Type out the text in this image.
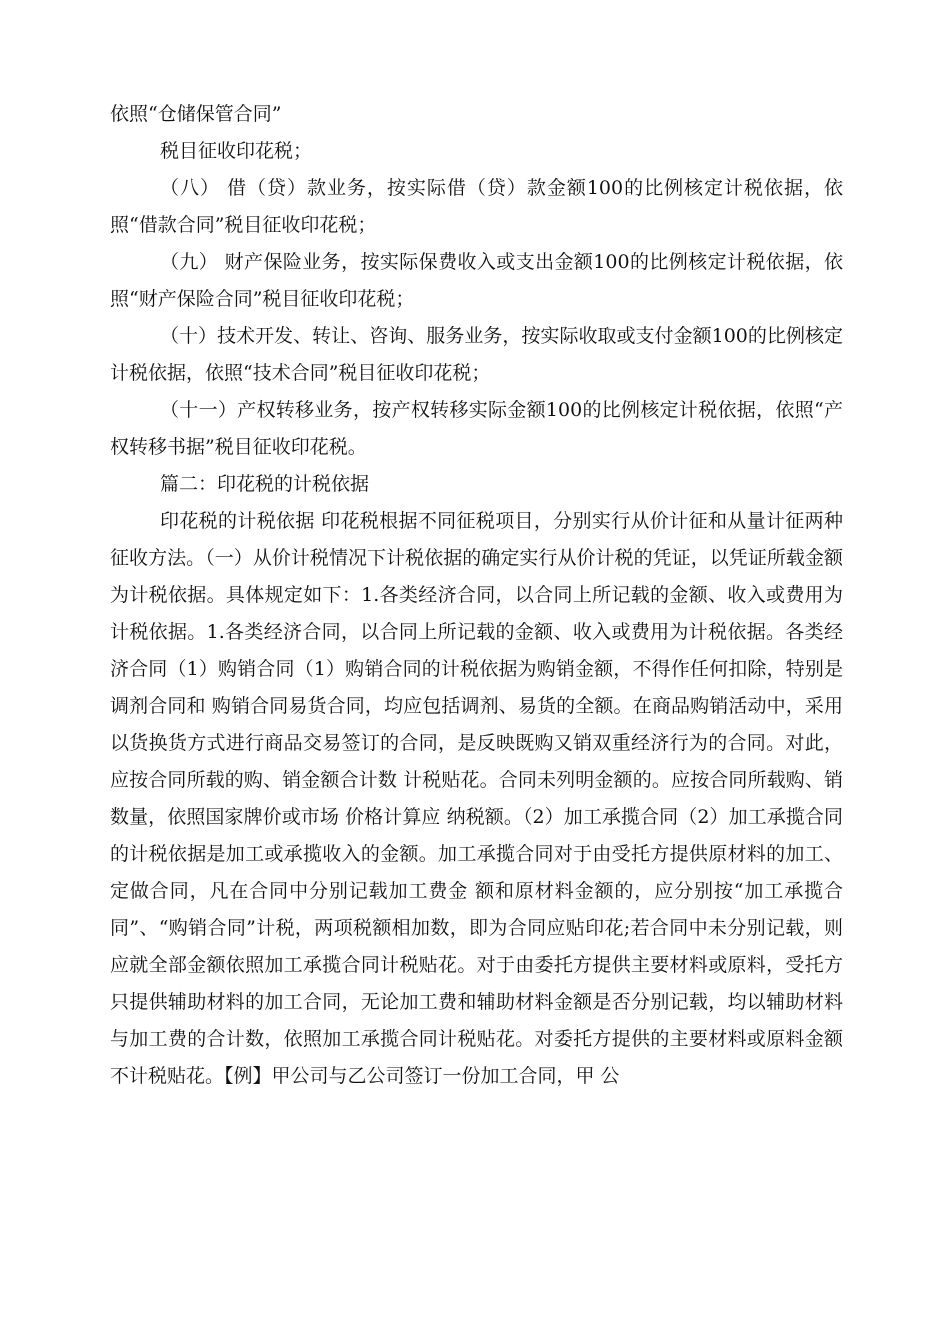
依照“仓储保管合同”

税目征收印花税；

（八） 借（贷）款业务，按实际借（贷）款金额100的比例核定计税依据，依照“借款合同”税目征收印花税；

（九） 财产保险业务，按实际保费收入或支出金额100的比例核定计税依据，依照“财产保险合同”税目征收印花税；

（十）技术开发、转让、咨询、服务业务，按实际收取或支付金额100的比例核定计税依据，依照“技术合同”税目征收印花税；

（十一）产权转移业务，按产权转移实际金额100的比例核定计税依据，依照“产权转移书据”税目征收印花税。

篇二：印花税的计税依据

印花税的计税依据 印花税根据不同征税项目，分别实行从价计征和从量计征两种征收方法。（一）从价计税情况下计税依据的确定实行从价计税的凭证，以凭证所载金额为计税依据。具体规定如下：1.各类经济合同，以合同上所记载的金额、收入或费用为计税依据。1.各类经济合同，以合同上所记载的金额、收入或费用为计税依据。各类经济合同（1）购销合同（1）购销合同的计税依据为购销金额，不得作任何扣除，特别是调剂合同和 购销合同易货合同，均应包括调剂、易货的全额。在商品购销活动中，采用以货换货方式进行商品交易签订的合同，是反映既购又销双重经济行为的合同。对此，应按合同所载的购、销金额合计数 计税贴花。合同未列明金额的。应按合同所载购、销数量，依照国家牌价或市场 价格计算应 纳税额。（2）加工承揽合同（2）加工承揽合同的计税依据是加工或承揽收入的金额。加工承揽合同对于由受托方提供原材料的加工、定做合同，凡在合同中分别记载加工费金 额和原材料金额的，应分别按“加工承揽合同”、“购销合同”计税，两项税额相加数，即为合同应贴印花;若合同中未分别记载，则应就全部金额依照加工承揽合同计税贴花。对于由委托方提供主要材料或原料，受托方只提供辅助材料的加工合同，无论加工费和辅助材料金额是否分别记载，均以辅助材料与加工费的合计数，依照加工承揽合同计税贴花。对委托方提供的主要材料或原料金额不计税贴花。【例】甲公司与乙公司签订一份加工合同，甲 公
